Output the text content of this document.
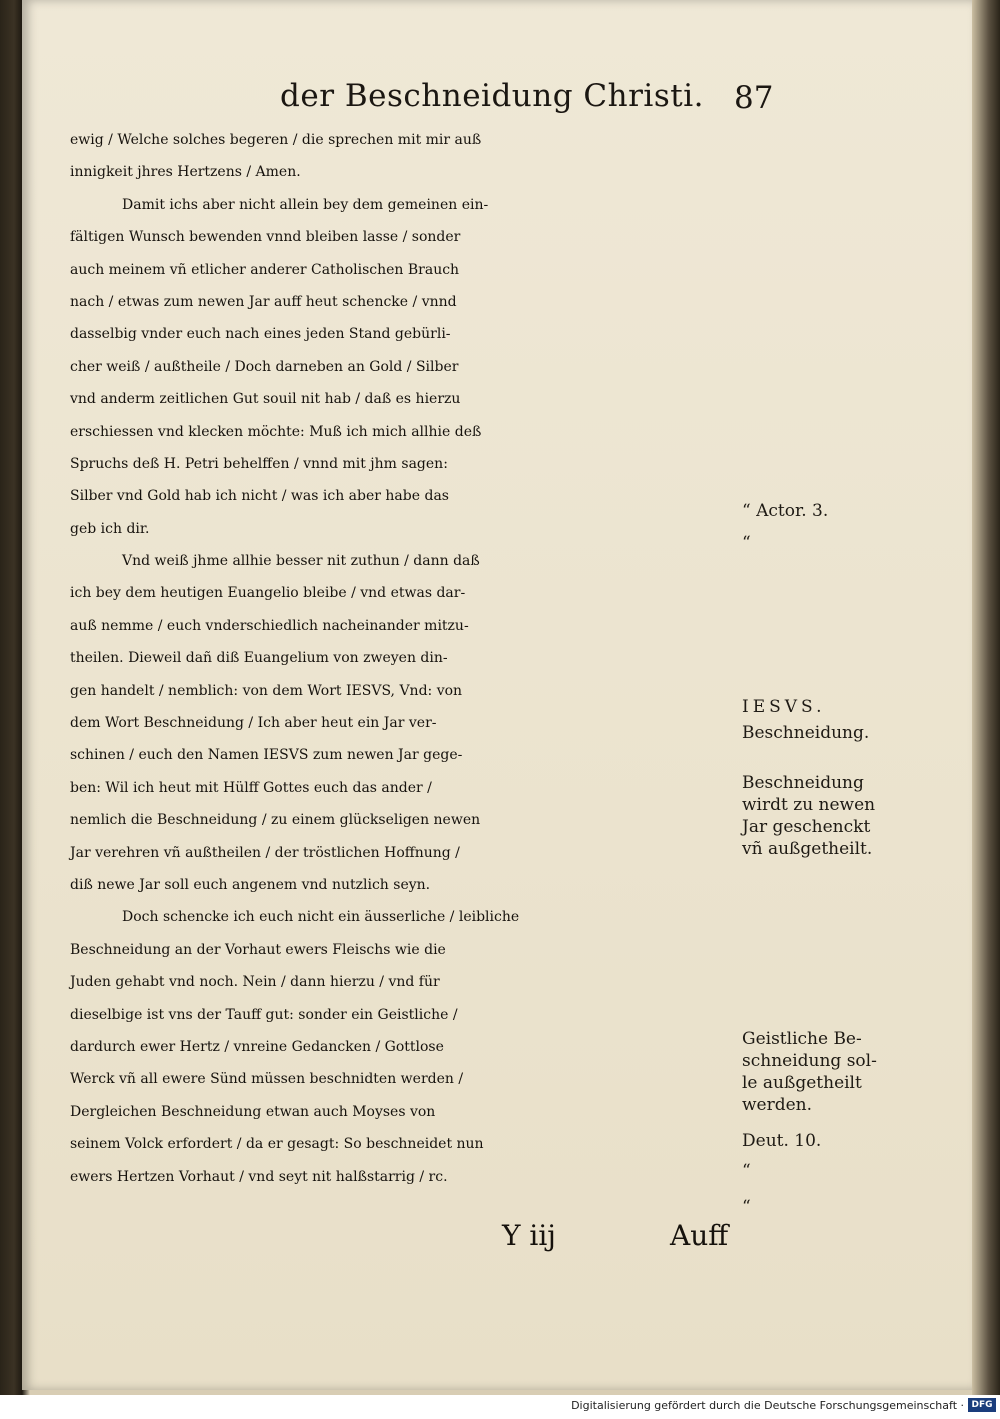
der Beschneidung Christi. 87
ewig / Welche solches begeren / die sprechen mit mir auß
innigkeit jhres Hertzens / Amen.
Damit ichs aber nicht allein bey dem gemeinen ein-
fältigen Wunsch bewenden vnnd bleiben lasse / sonder
auch meinem vñ etlicher anderer Catholischen Brauch
nach / etwas zum newen Jar auff heut schencke / vnnd
dasselbig vnder euch nach eines jeden Stand gebürli-
cher weiß / außtheile / Doch darneben an Gold / Silber
vnd anderm zeitlichen Gut souil nit hab / daß es hierzu
erschiessen vnd klecken möchte: Muß ich mich allhie deß
Spruchs deß H. Petri behelffen / vnnd mit jhm sagen:
Silber vnd Gold hab ich nicht / was ich aber habe das
geb ich dir.
Vnd weiß jhme allhie besser nit zuthun / dann daß
ich bey dem heutigen Euangelio bleibe / vnd etwas dar-
auß nemme / euch vnderschiedlich nacheinander mitzu-
theilen. Dieweil dañ diß Euangelium von zweyen din-
gen handelt / nemblich: von dem Wort IESVS, Vnd: von
dem Wort Beschneidung / Ich aber heut ein Jar ver-
schinen / euch den Namen IESVS zum newen Jar gege-
ben: Wil ich heut mit Hülff Gottes euch das ander /
nemlich die Beschneidung / zu einem glückseligen newen
Jar verehren vñ außtheilen / der tröstlichen Hoffnung /
diß newe Jar soll euch angenem vnd nutzlich seyn.
Doch schencke ich euch nicht ein äusserliche / leibliche
Beschneidung an der Vorhaut ewers Fleischs wie die
Juden gehabt vnd noch. Nein / dann hierzu / vnd für
dieselbige ist vns der Tauff gut: sonder ein Geistliche /
dardurch ewer Hertz / vnreine Gedancken / Gottlose
Werck vñ all ewere Sünd müssen beschnidten werden /
Dergleichen Beschneidung etwan auch Moyses von
seinem Volck erfordert / da er gesagt: So beschneidet nun
ewers Hertzen Vorhaut / vnd seyt nit halßstarrig / rc.
“ Actor. 3.
“
IESVS.
Beschneidung.
Beschneidung
wirdt zu newen
Jar geschenckt
vñ außgetheilt.
Geistliche Be-
schneidung sol-
le außgetheilt
werden.
Deut. 10.
“
“
Y iij	Auff
Digitalisierung gefördert durch die Deutsche Forschungsgemeinschaft · DFG
